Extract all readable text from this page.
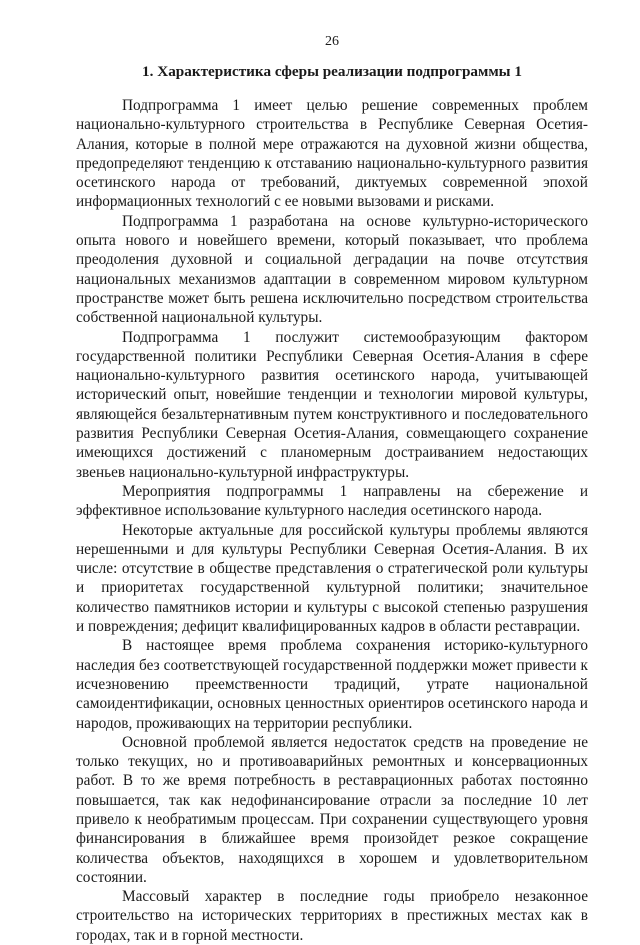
26
1. Характеристика сферы реализации подпрограммы 1

Подпрограмма 1 имеет целью решение современных проблем национально-культурного строительства в Республике Северная Осетия-Алания, которые в полной мере отражаются на духовной жизни общества, предопределяют тенденцию к отставанию национально-культурного развития осетинского народа от требований, диктуемых современной эпохой информационных технологий с ее новыми вызовами и рисками.

Подпрограмма 1 разработана на основе культурно-исторического опыта нового и новейшего времени, который показывает, что проблема преодоления духовной и социальной деградации на почве отсутствия национальных механизмов адаптации в современном мировом культурном пространстве может быть решена исключительно посредством строительства собственной национальной культуры.

Подпрограмма 1 послужит системообразующим фактором государственной политики Республики Северная Осетия-Алания в сфере национально-культурного развития осетинского народа, учитывающей исторический опыт, новейшие тенденции и технологии мировой культуры, являющейся безальтернативным путем конструктивного и последовательного развития Республики Северная Осетия-Алания, совмещающего сохранение имеющихся достижений с планомерным достраиванием недостающих звеньев национально-культурной инфраструктуры.

Мероприятия подпрограммы 1 направлены на сбережение и эффективное использование культурного наследия осетинского народа.

Некоторые актуальные для российской культуры проблемы являются нерешенными и для культуры Республики Северная Осетия-Алания. В их числе: отсутствие в обществе представления о стратегической роли культуры и приоритетах государственной культурной политики; значительное количество памятников истории и культуры с высокой степенью разрушения и повреждения; дефицит квалифицированных кадров в области реставрации.

В настоящее время проблема сохранения историко-культурного наследия без соответствующей государственной поддержки может привести к исчезновению преемственности традиций, утрате национальной самоидентификации, основных ценностных ориентиров осетинского народа и народов, проживающих на территории республики.

Основной проблемой является недостаток средств на проведение не только текущих, но и противоаварийных ремонтных и консервационных работ. В то же время потребность в реставрационных работах постоянно повышается, так как недофинансирование отрасли за последние 10 лет привело к необратимым процессам. При сохранении существующего уровня финансирования в ближайшее время произойдет резкое сокращение количества объектов, находящихся в хорошем и удовлетворительном состоянии.

Массовый характер в последние годы приобрело незаконное строительство на исторических территориях в престижных местах как в городах, так и в горной местности.
